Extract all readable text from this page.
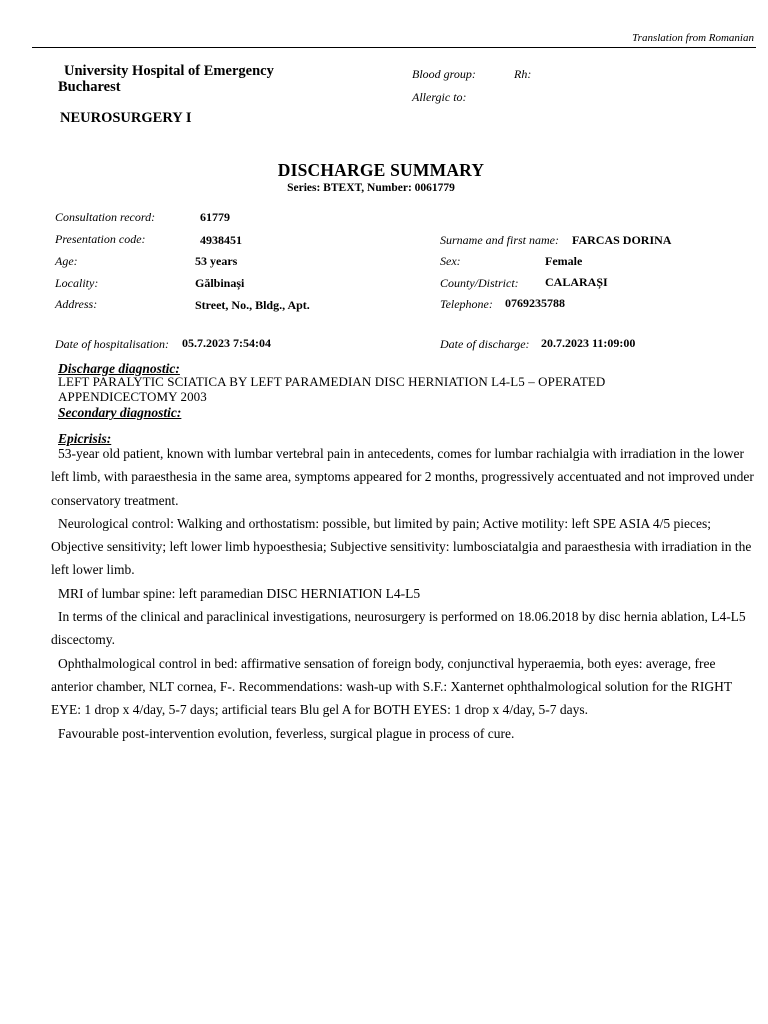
Translation from Romanian
University Hospital of Emergency
Bucharest
NEUROSURGERY I
Blood group:	Rh:
Allergic to:
DISCHARGE SUMMARY
Series: BTEXT, Number: 0061779
Consultation record:	61779
Presentation code:	4938451	Surname and first name: FARCAS DORINA
Age:	53 years	Sex:	Female
Locality:	Gălbinași	County/District: CALARAȘI
Address:	Street, No., Bldg., Apt.	Telephone: 0769235788
Date of hospitalisation: 05.7.2023 7:54:04	Date of discharge: 20.7.2023 11:09:00
Discharge diagnostic:
LEFT PARALYTIC SCIATICA BY LEFT PARAMEDIAN DISC HERNIATION L4-L5 – OPERATED APPENDICECTOMY 2003
Secondary diagnostic:
Epicrisis:

53-year old patient, known with lumbar vertebral pain in antecedents, comes for lumbar rachialgia with irradiation in the lower left limb, with paraesthesia in the same area, symptoms appeared for 2 months, progressively accentuated and not improved under conservatory treatment.

Neurological control: Walking and orthostatism: possible, but limited by pain; Active motility: left SPE ASIA 4/5 pieces; Objective sensitivity; left lower limb hypoesthesia; Subjective sensitivity: lumbosciatalgia and paraesthesia with irradiation in the left lower limb.

MRI of lumbar spine: left paramedian DISC HERNIATION L4-L5

In terms of the clinical and paraclinical investigations, neurosurgery is performed on 18.06.2018 by disc hernia ablation, L4-L5 discectomy.

Ophthalmological control in bed: affirmative sensation of foreign body, conjunctival hyperaemia, both eyes: average, free anterior chamber, NLT cornea, F-. Recommendations: wash-up with S.F.: Xanternet ophthalmological solution for the RIGHT EYE: 1 drop x 4/day, 5-7 days; artificial tears Blu gel A for BOTH EYES: 1 drop x 4/day, 5-7 days.

Favourable post-intervention evolution, feverless, surgical plague in process of cure.
